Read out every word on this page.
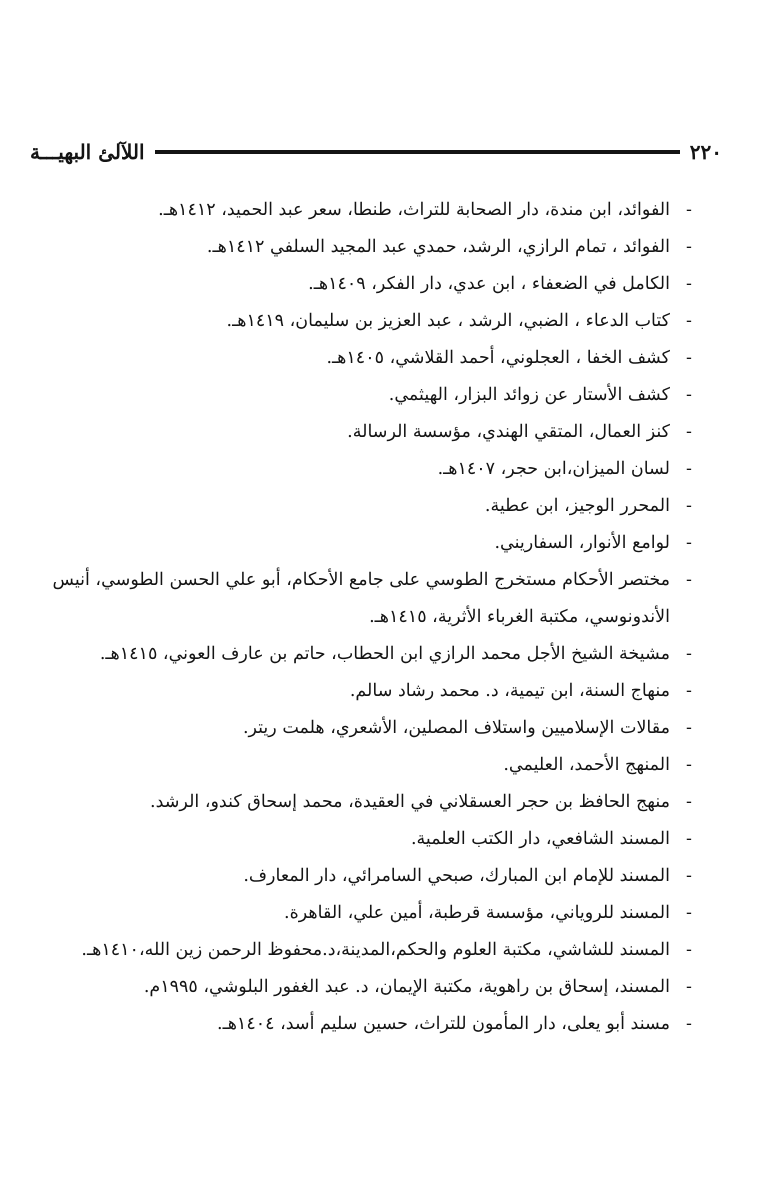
٢٢٠
اللآلئ البهيـــة
-
الفوائد، ابن مندة، دار الصحابة للتراث، طنطا، سعر عبد الحميد، ١٤١٢هـ.
-
الفوائد ، تمام الرازي، الرشد، حمدي عبد المجيد السلفي ١٤١٢هـ.
-
الكامل في الضعفاء ، ابن عدي، دار الفكر، ١٤٠٩هـ.
-
كتاب الدعاء ، الضبي، الرشد ، عبد العزيز بن سليمان، ١٤١٩هـ.
-
كشف الخفا ، العجلوني، أحمد القلاشي، ١٤٠٥هـ.
-
كشف الأستار عن زوائد البزار، الهيثمي.
-
كنز العمال، المتقي الهندي، مؤسسة الرسالة.
-
لسان الميزان،ابن حجر، ١٤٠٧هـ.
-
المحرر الوجيز، ابن عطية.
-
لوامع الأنوار، السفاريني.
-
مختصر الأحكام مستخرج الطوسي على جامع الأحكام، أبو علي الحسن الطوسي، أنيس الأندونوسي، مكتبة الغرباء الأثرية، ١٤١٥هـ.
-
مشيخة الشيخ الأجل محمد الرازي ابن الحطاب، حاتم بن عارف العوني، ١٤١٥هـ.
-
منهاج السنة، ابن تيمية، د. محمد رشاد سالم.
-
مقالات الإسلاميين واستلاف المصلين، الأشعري، هلمت ريتر.
-
المنهج الأحمد، العليمي.
-
منهج الحافظ بن حجر العسقلاني في العقيدة، محمد إسحاق كندو، الرشد.
-
المسند الشافعي، دار الكتب العلمية.
-
المسند للإمام ابن المبارك، صبحي السامرائي، دار المعارف.
-
المسند للروياني، مؤسسة قرطبة، أمين علي، القاهرة.
-
المسند للشاشي، مكتبة العلوم والحكم،المدينة،د.محفوظ الرحمن زين الله،١٤١٠هـ.
-
المسند، إسحاق بن راهوية، مكتبة الإيمان، د. عبد الغفور البلوشي، ١٩٩٥م.
-
مسند أبو يعلى، دار المأمون للتراث، حسين سليم أسد، ١٤٠٤هـ.
